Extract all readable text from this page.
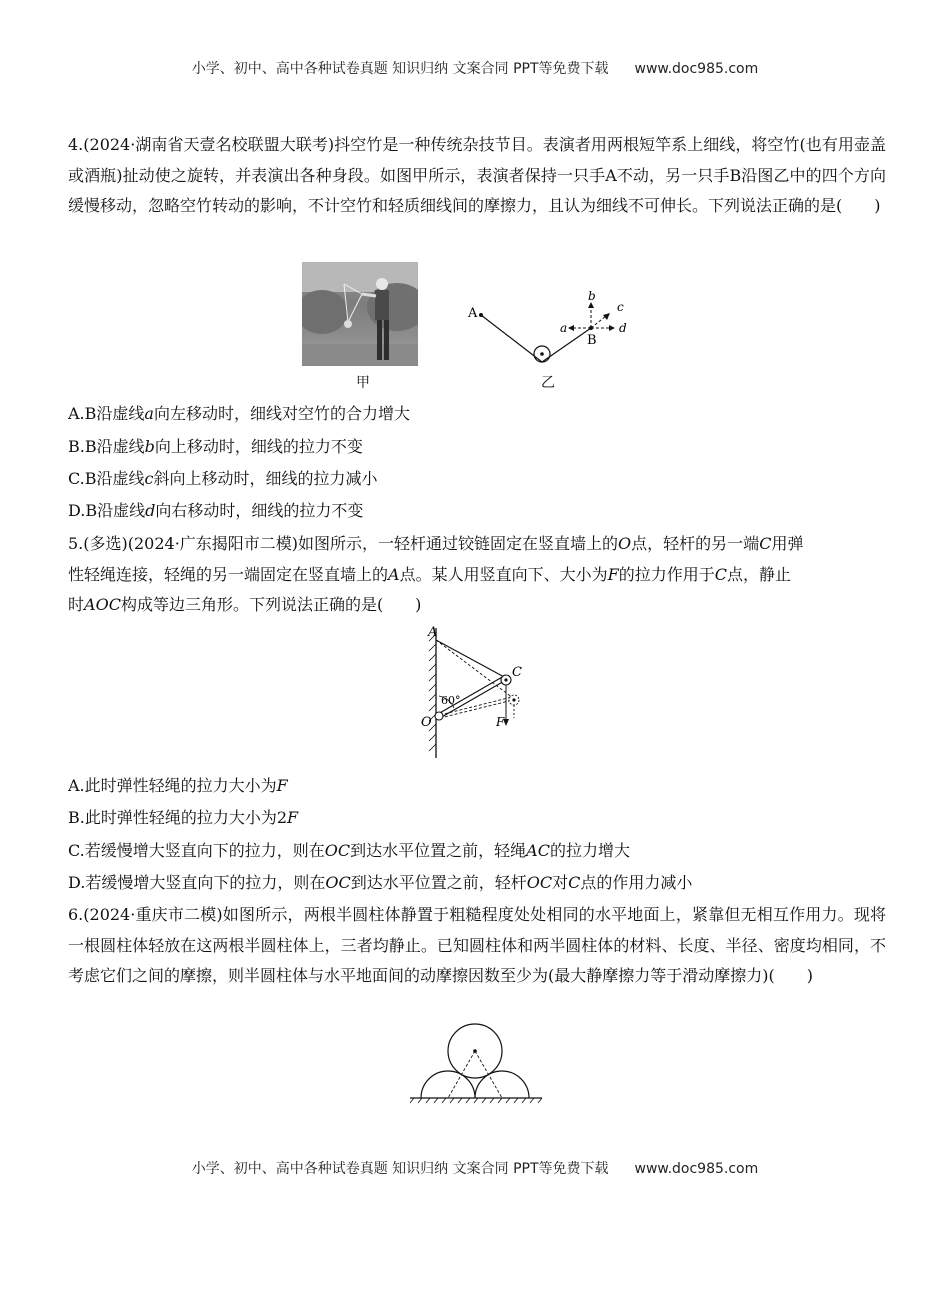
小学、初中、高中各种试卷真题 知识归纳 文案合同 PPT等免费下载 www.doc985.com
4.(2024·湖南省天壹名校联盟大联考)抖空竹是一种传统杂技节目。表演者用两根短竿系上细线，将空竹(也有用壶盖或酒瓶)扯动使之旋转，并表演出各种身段。如图甲所示，表演者保持一只手A不动，另一只手B沿图乙中的四个方向缓慢移动，忽略空竹转动的影响，不计空竹和轻质细线间的摩擦力，且认为细线不可伸长。下列说法正确的是(　　)
甲
A
B
a
b
c
d
乙
A.B沿虚线a向左移动时，细线对空竹的合力增大
B.B沿虚线b向上移动时，细线的拉力不变
C.B沿虚线c斜向上移动时，细线的拉力减小
D.B沿虚线d向右移动时，细线的拉力不变
5.(多选)(2024·广东揭阳市二模)如图所示，一轻杆通过铰链固定在竖直墙上的O点，轻杆的另一端C用弹
性轻绳连接，轻绳的另一端固定在竖直墙上的A点。某人用竖直向下、大小为F的拉力作用于C点，静止
时AOC构成等边三角形。下列说法正确的是(　　)
A
C
O	F
60°
A.此时弹性轻绳的拉力大小为F
B.此时弹性轻绳的拉力大小为2F
C.若缓慢增大竖直向下的拉力，则在OC到达水平位置之前，轻绳AC的拉力增大
D.若缓慢增大竖直向下的拉力，则在OC到达水平位置之前，轻杆OC对C点的作用力减小
6.(2024·重庆市二模)如图所示，两根半圆柱体静置于粗糙程度处处相同的水平地面上，紧靠但无相互作用力。现将一根圆柱体轻放在这两根半圆柱体上，三者均静止。已知圆柱体和两半圆柱体的材料、长度、半径、密度均相同，不考虑它们之间的摩擦，则半圆柱体与水平地面间的动摩擦因数至少为(最大静摩擦力等于滑动摩擦力)(　　)
小学、初中、高中各种试卷真题 知识归纳 文案合同 PPT等免费下载 www.doc985.com
